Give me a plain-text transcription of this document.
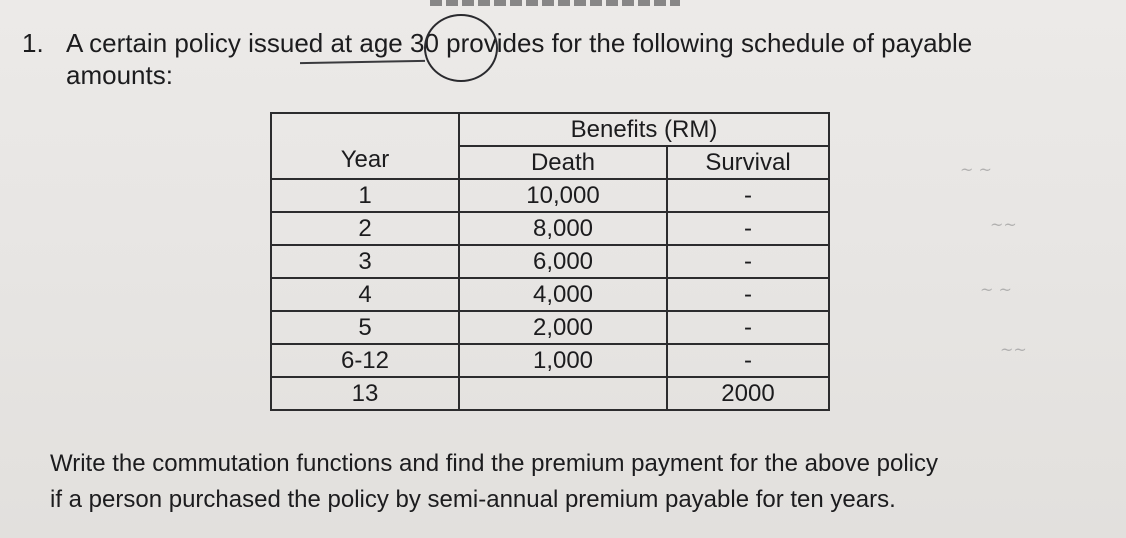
1. A certain policy issued at age 30 provides for the following schedule of payable
amounts:
Year	Benefits (RM)	
	Death	Survival
1	10,000	-
2	8,000	-
3	6,000	-
4	4,000	-
5	2,000	-
6-12	1,000	-
13		2000
~ ~
~~
~ ~
~~
Write the commutation functions and find the premium payment for the above policy
if a person purchased the policy by semi-annual premium payable for ten years.
